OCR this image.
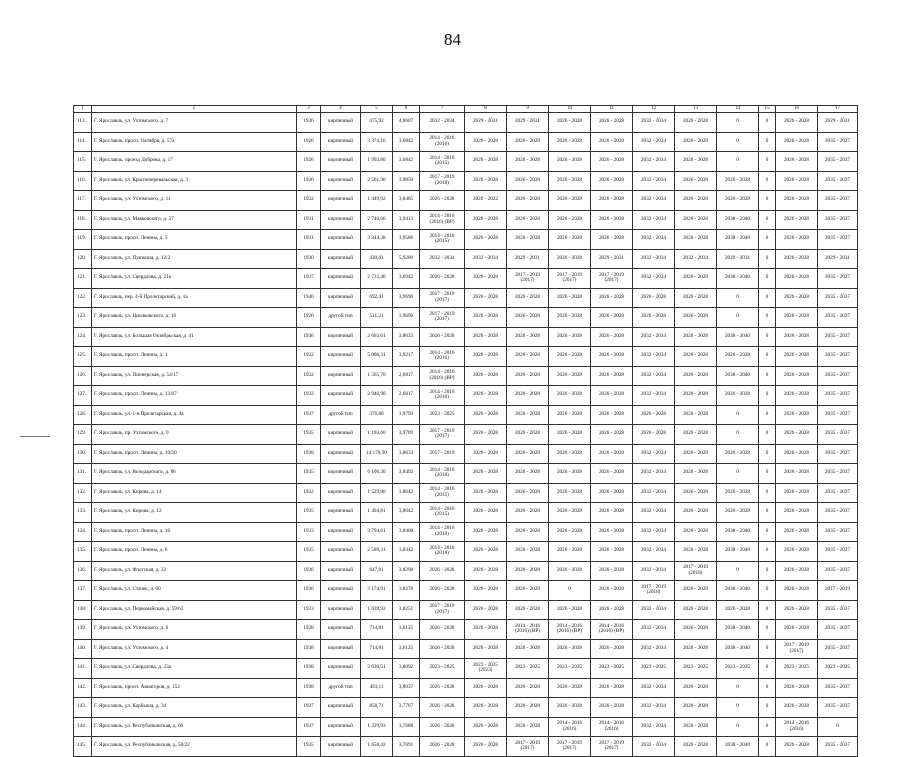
84
1	2	3	4	5	6	7	8	9	10	11	12	13	14	15	16	17
113.	Г. Ярославль, ул. Ухтомского, д. 7	1936	кирпичный	475,92	4,8607	2032 - 2034	2029 - 2031	2029 - 2031	2026 - 2028	2026 - 2028	2032 - 2034	2026 - 2028	0	0	2026 - 2028	2029 - 2031
114.	Г. Ярославль, просп. Октября, д. 57а	1926	кирпичный	3 374,16	3,6842	2014 - 2016 (2016)	2026 - 2028	2026 - 2028	2026 - 2028	2026 - 2028	2032 - 2034	2026 - 2028	0	0	2026 - 2028	2035 - 2037
115.	Г. Ярославль, проезд Доброва, д. 17	1926	кирпичный	1 992,80	3,6842	2014 - 2016 (2015)	2026 - 2028	2026 - 2028	2026 - 2028	2026 - 2028	2032 - 2034	2026 - 2028	0	0	2026 - 2028	2035 - 2037
116.	Г. Ярославль, ул. Красноперевальская, д. 3	1936	кирпичный	2 561,90	3,9850	2017 - 2019 (2018)	2026 - 2028	2026 - 2028	2026 - 2028	2026 - 2028	2032 - 2034	2026 - 2028	2026 - 2028	0	2026 - 2028	2035 - 2037
117.	Г. Ярославль, ул. Ухтомского, д. 11	1932	кирпичный	1 449,92	3,8485	2026 - 2028	2020 - 2022	2026 - 2028	2026 - 2028	2026 - 2028	2032 - 2034	2026 - 2028	2026 - 2028	0	2026 - 2028	2035 - 2037
118.	Г. Ярославль, ул. Маяковского, д. 27	1931	кирпичный	2 740,66	3,9413	2014 - 2016 (2016) (ВР)	2026 - 2028	2026 - 2028	2026 - 2028	2026 - 2028	2032 - 2034	2026 - 2028	2038 - 2040	0	2026 - 2028	2035 - 2037
119.	Г. Ярославль, просп. Ленина, д. 5	1931	кирпичный	3 344,38	3,9586	2014 - 2016 (2015)	2026 - 2028	2026 - 2028	2026 - 2028	2026 - 2028	2032 - 2034	2026 - 2028	2038 - 2040	0	2026 - 2028	2035 - 2037
120.	Г. Ярославль, ул. Пушкина, д. 12/2	1930	кирпичный	430,61	5,9280	2032 - 2034	2032 - 2034	2029 - 2031	2026 - 2028	2029 - 2031	2032 - 2034	2032 - 2034	2029 - 2031	0	2026 - 2028	2029 - 2031
121.	Г. Ярославль, ул. Свердлова, д. 21а	1937	кирпичный	2 722,40	3,6942	2026 - 2028	2026 - 2028	2017 - 2019 (2017)	2017 - 2019 (2017)	2017 - 2019 (2017)	2032 - 2034	2026 - 2028	2038 - 2040	0	2026 - 2028	2035 - 2037
122.	Г. Ярославль, пер. 4-й Пролетарский, д. 1а	1940	кирпичный	692,41	3,9696	2017 - 2019 (2017)	2026 - 2028	2026 - 2028	2026 - 2028	2026 - 2028	2026 - 2028	2026 - 2028	0	0	2026 - 2028	2035 - 2037
123.	Г. Ярославль, ул. Циолковского, д. 16	1926	другой тип	511,21	3,9696	2017 - 2019 (2017)	2026 - 2028	2026 - 2028	2026 - 2028	2026 - 2028	2026 - 2028	2026 - 2028	0	0	2026 - 2028	2035 - 2037
124.	Г. Ярославль, ул. Большая Октябрьская, д. 41	1936	кирпичный	2 663,61	3,8633	2026 - 2028	2026 - 2028	2026 - 2028	2026 - 2028	2026 - 2028	2032 - 2034	2026 - 2028	2038 - 2040	0	2026 - 2028	2035 - 2037
125.	Г. Ярославль, просп. Ленина, д. 1	1932	кирпичный	5 006,31	3,9217	2014 - 2016 (2016)	2026 - 2028	2026 - 2028	2026 - 2028	2026 - 2028	2032 - 2034	2026 - 2028	2026 - 2028	0	2026 - 2028	2035 - 2037
126.	Г. Ярославль, ул. Пионерская, д. 54/17	1932	кирпичный	1 565,70	2,6817	2014 - 2016 (2016) (ВР)	2026 - 2028	2026 - 2028	2026 - 2028	2026 - 2028	2032 - 2034	2026 - 2028	2038 - 2040	0	2026 - 2028	2035 - 2037
127.	Г. Ярославль, просп. Ленина, д. 13/67	1932	кирпичный	2 946,90	2,6817	2014 - 2016 (2016)	2026 - 2028	2026 - 2028	2026 - 2028	2026 - 2028	2032 - 2034	2026 - 2028	2026 - 2028	0	2026 - 2028	2035 - 2037
128.	Г. Ярославль, ул. 1-я Пролетарская, д. 4а	1937	другой тип	376,80	3,9793	2023 - 2025	2026 - 2028	2026 - 2028	2026 - 2028	2026 - 2028	2026 - 2028	2026 - 2028	0	0	2026 - 2028	2035 - 2037
129.	Г. Ярославль, пр. Ухтомского, д. 9	1935	кирпичный	1 193,60	3,9789	2017 - 2019 (2017)	2026 - 2028	2026 - 2028	2026 - 2028	2026 - 2028	2026 - 2028	2026 - 2028	0	0	2026 - 2028	2035 - 2037
130.	Г. Ярославль, просп. Ленина, д. 10/20	1938	кирпичный	14 170,30	3,8633	2017 - 2019	2026 - 2028	2026 - 2028	2026 - 2028	2026 - 2028	2032 - 2034	2026 - 2028	2026 - 2028	0	2026 - 2028	2035 - 2037
131.	Г. Ярославль, ул. Володарского, д. 86	1935	кирпичный	6 106,30	3,8492	2014 - 2016 (2016)	2026 - 2028	2026 - 2028	2026 - 2028	2026 - 2028	2032 - 2034	2026 - 2028	0	0	2026 - 2028	2035 - 2037
132.	Г. Ярославль, ул. Кирова, д. 14	1932	кирпичный	1 529,90	3,8642	2014 - 2016 (2015)	2026 - 2028	2026 - 2028	2026 - 2028	2026 - 2028	2032 - 2034	2026 - 2028	2026 - 2028	0	2026 - 2028	2035 - 2037
133.	Г. Ярославль, ул. Кирова, д. 12	1935	кирпичный	1 494,81	3,8642	2014 - 2016 (2015)	2026 - 2028	2026 - 2028	2026 - 2028	2026 - 2028	2032 - 2034	2026 - 2028	2026 - 2028	0	2026 - 2028	2035 - 2037
134.	Г. Ярославль, просп. Ленина, д. 16	1933	кирпичный	3 794,61	3,8408	2014 - 2016 (2016)	2026 - 2028	2026 - 2028	2026 - 2028	2026 - 2028	2032 - 2034	2026 - 2028	2038 - 2040	0	2026 - 2028	2035 - 2037
135.	Г. Ярославль, просп. Ленина, д. 6	1935	кирпичный	2 588,31	3,8342	2014 - 2016 (2016)	2026 - 2028	2026 - 2028	2026 - 2028	2026 - 2028	2032 - 2034	2026 - 2028	2038 - 2040	0	2026 - 2028	2035 - 2037
136.	Г. Ярославль, ул. Флотская, д. 22	1936	кирпичный	647,81	3,8298	2026 - 2028	2026 - 2028	2026 - 2028	2026 - 2028	2026 - 2028	2032 - 2034	2017 - 2019 (2018)	0	0	2026 - 2028	2035 - 2037
137.	Г. Ярославль, ул. Стачек, д. 60	1936	кирпичный	3 174,91	3,8278	2026 - 2028	2026 - 2028	2026 - 2028	0	2026 - 2028	2017 - 2019 (2018)	2026 - 2028	2038 - 2040	0	2026 - 2028	2017 - 2019
138.	Г. Ярославль, ул. Первомайская, д. 59/63	1933	кирпичный	1 039,92	3,8251	2017 - 2019 (2017)	2026 - 2028	2026 - 2028	2026 - 2028	2026 - 2028	2032 - 2034	2026 - 2028	2026 - 2028	0	2026 - 2028	2035 - 2037
139.	Г. Ярославль, ул. Ухтомского, д. 6	1938	кирпичный	714,81	3,6125	2026 - 2028	2026 - 2028	2014 - 2016 (2016) (ВР)	2014 - 2016 (2016) (ВР)	2014 - 2016 (2016) (ВР)	2032 - 2034	2026 - 2028	2038 - 2040	0	2026 - 2028	2035 - 2037
140.	Г. Ярославль, ул. Ухтомского, д. 4	1938	кирпичный	714,81	3,6125	2026 - 2028	2026 - 2028	2026 - 2028	2026 - 2028	2026 - 2028	2032 - 2034	2026 - 2028	2038 - 2040	0	2017 - 2019 (2017)	2035 - 2037
141.	Г. Ярославль, ул. Свердлова, д. 23а	1938	кирпичный	3 030,51	3,8092	2023 - 2025	2023 - 2025 (2023)	2023 - 2025	2023 - 2025	2023 - 2025	2023 - 2025	2023 - 2025	2023 - 2025	0	2023 - 2025	2023 - 2025
142.	Г. Ярославль, просп. Авиаторов, д. 152	1938	другой тип	493,11	3,8037	2026 - 2028	2026 - 2028	2026 - 2028	2026 - 2028	2026 - 2028	2032 - 2034	2026 - 2028	0	0	2026 - 2028	2035 - 2037
143.	Г. Ярославль, ул. Карбыша, д. 34	1937	кирпичный	858,71	3,7767	2026 - 2028	2026 - 2028	2026 - 2028	2026 - 2028	2026 - 2028	2032 - 2034	2026 - 2028	0	0	2026 - 2028	2035 - 2037
144.	Г. Ярославль, ул. Республиканская, д. 66	1937	кирпичный	1 329,93	3,7688	2026 - 2028	2026 - 2028	2026 - 2028	2014 - 2016 (2016)	2014 - 2016 (2016)	2032 - 2034	2026 - 2028	0	0	2014 - 2016 (2016)	0
145.	Г. Ярославль, ул. Республиканская, д. 58/22	1935	кирпичный	1 658,42	3,7691	2026 - 2028	2026 - 2028	2017 - 2019 (2017)	2017 - 2019 (2017)	2017 - 2019 (2017)	2032 - 2034	2026 - 2028	2038 - 2040	0	2026 - 2028	2035 - 2037
